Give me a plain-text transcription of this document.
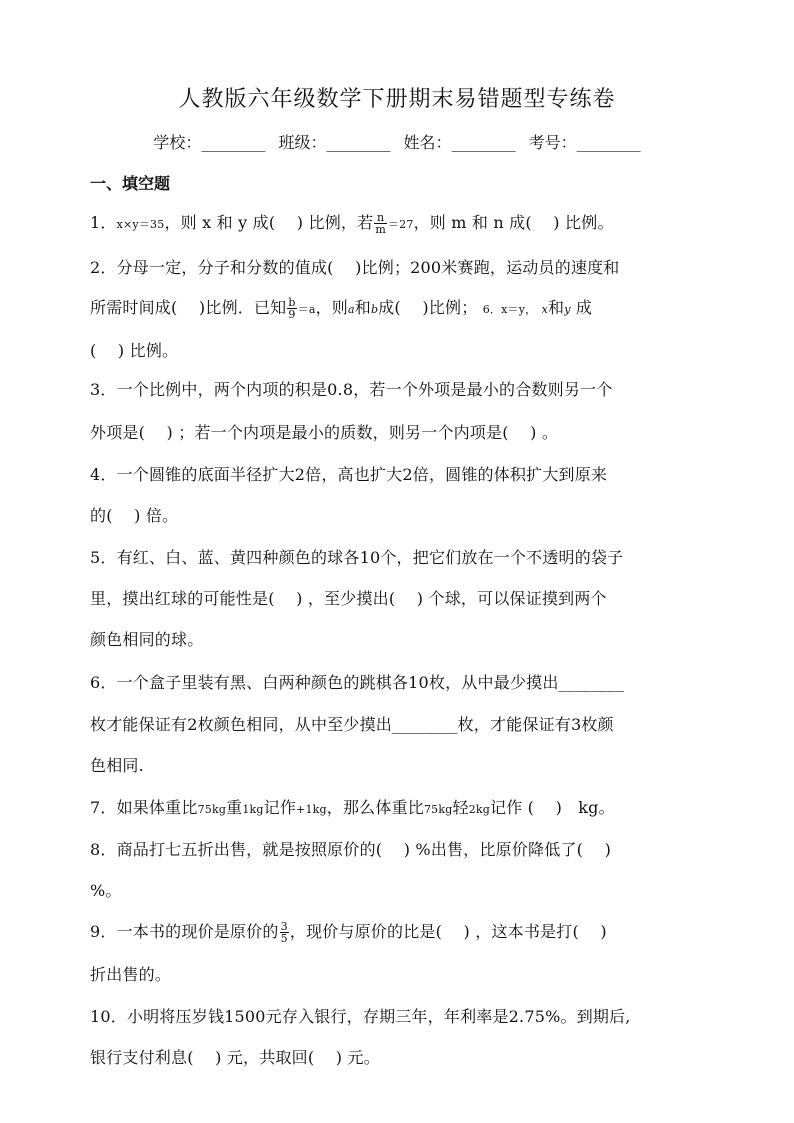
人教版六年级数学下册期末易错题型专练卷
学校：________ 班级：________ 姓名：________ 考号：________
一、填空题
1．x×y＝35，则 x 和 y 成(　 ) 比例，若 $\frac{n}{m} =27$，则 m 和 n 成(　 ) 比例。
2．分母一定，分子和分数的值成(　 )比例；200米赛跑，运动员的速度和
所需时间成(　 )比例．已知 $\frac{b}{9} =a$，则a和b成(　 )比例； 6．x＝y， x和y 成
(　 ) 比例。
3．一个比例中，两个内项的积是0.8，若一个外项是最小的合数则另一个
外项是(　 ) ；若一个内项是最小的质数，则另一个内项是(　 ) 。
4．一个圆锥的底面半径扩大2倍，高也扩大2倍，圆锥的体积扩大到原来
的(　 ) 倍。
5．有红、白、蓝、黄四种颜色的球各10个，把它们放在一个不透明的袋子
里，摸出红球的可能性是(　 ) ，至少摸出(　 ) 个球，可以保证摸到两个
颜色相同的球。
6．一个盒子里装有黑、白两种颜色的跳棋各10枚，从中最少摸出________
枚才能保证有2枚颜色相同，从中至少摸出________枚，才能保证有3枚颜
色相同.
7．如果体重比75kg重1kg记作+1kg，那么体重比75kg轻2kg记作 (　 )　kg。
8．商品打七五折出售，就是按照原价的(　 ) %出售，比原价降低了(　 )
%。
9．一本书的现价是原价的 $\frac{3}{5}$ ，现价与原价的比是(　 ) ，这本书是打(　 )
折出售的。
10．小明将压岁钱1500元存入银行，存期三年，年利率是2.75%。到期后,
银行支付利息(　 ) 元，共取回(　 ) 元。
